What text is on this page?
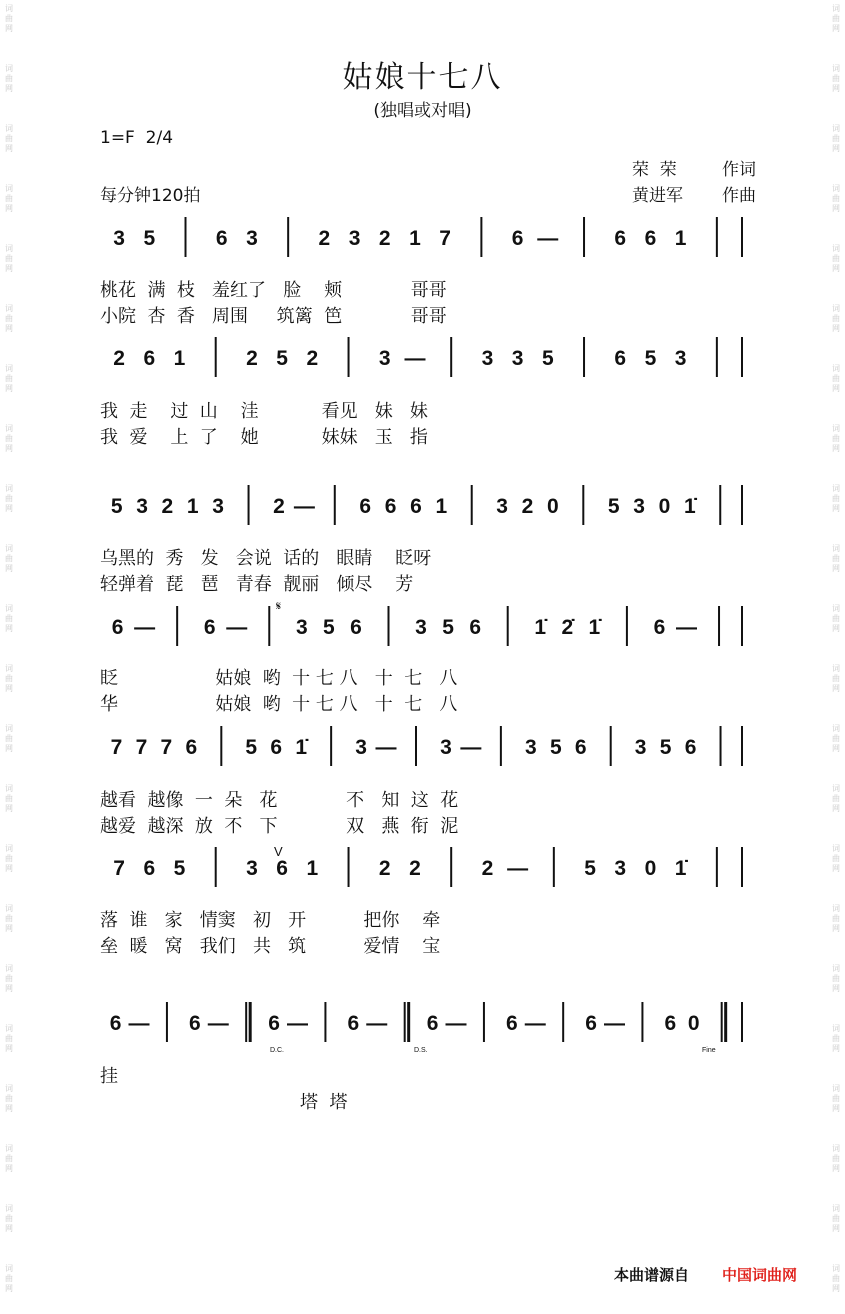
词
曲
网
词
曲
网
词
曲
网
词
曲
网
词
曲
网
词
曲
网
词
曲
网
词
曲
网
词
曲
网
词
曲
网
词
曲
网
词
曲
网
词
曲
网
词
曲
网
词
曲
网
词
曲
网
词
曲
网
词
曲
网
词
曲
网
词
曲
网
词
曲
网
词
曲
网
词
曲
网
词
曲
网
词
曲
网
词
曲
网
词
曲
网
词
曲
网
词
曲
网
词
曲
网
词
曲
网
词
曲
网
词
曲
网
词
曲
网
词
曲
网
词
曲
网
词
曲
网
词
曲
网
词
曲
网
词
曲
网
词
曲
网
词
曲
网
词
曲
网
词
曲
网
姑娘十七八
(独唱或对唱)
1=F  2/4
每分钟120拍
荣  荣	作词
黄进军 作曲
3 5	6 3	2 3 2 1 7	6 —	6 6 1
2 6 1	2 5 2	3 —	3 3 5	6 5 3
5 3 2 1 3 2 — 6 6 6 1 3 2 0 5 3 0 1̇
6 — 6 — 3 5 6	3 5 6	1̇ 2̇ 1̇	6 —
7 7 7 6 5 6 1̇ 3 — 3 — 3 5 6 3 5 6
7 6 5	3 6 1	2 2	2 —	5 3 0 1̇
6 — 6 — 6 — 6 — 6 — 6 — 6 — 6 0
𝄋
V
D.C.	D.S.	Fine
桃花  满  枝   羞红了   脸    颊            哥哥
小院  杏  香   周围     筑篱  笆            哥哥
我  走    过  山    洼           看见   妹   妹
我  爱    上  了    她           妹妹   玉   指
乌黑的  秀   发   会说  话的   眼睛    眨呀
轻弹着  琵   琶   青春  靓丽   倾尽    芳
眨                 姑娘  哟  十 七 八   十  七   八
华                 姑娘  哟  十 七 八   十  七   八
越看  越像  一  朵   花            不   知  这  花
越爱  越深  放  不   下            双   燕  衔  泥
落  谁   家   情窦   初   开          把你    牵
垒  暖   窝   我们   共   筑          爱情    宝
挂
塔  塔
本曲谱源自 中国词曲网
